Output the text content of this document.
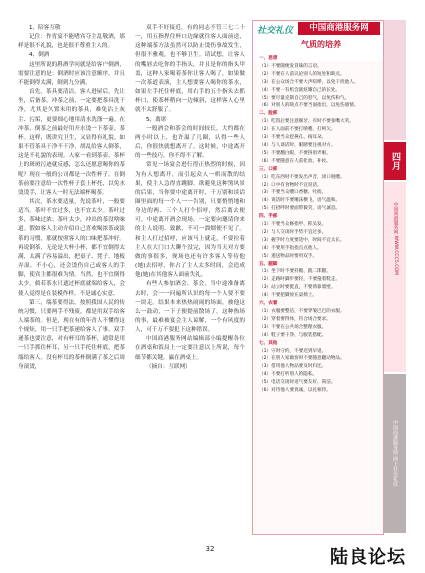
1、陪客互敬

记住：作宵宴不能嗜宾夺主乱敬酒，那样是很不礼貌，也是很不尊重主人的。

4、倒酒

这里所说的斟酒学问就是给客户倒酒，需要注意的是：倒酒时应该注意顺序，并且不能倒得太满，倒到九分满。

首先，茶具要清洁。客人进屋后，先让坐，后备茶，冲茶之前，一定要把茶具洗干净，尤其是久置未用的茶具，难免沾上灰尘、污垢，更要细心地用清水洗涤一遍。在冲茶、倒茶之前最好用开水烫一下茶壶、茶杯。这样，既讲究卫生，又显得有礼貌。如果不管茶具干净不干净，胡乱给客人倒茶，这是不礼貌的表现。人家一看到茶壶、茶杯上的斑斑污迹就反感，怎么还愿意喝你的茶呢？现在一般的公司都是一次性杯子，在倒茶前要注意给一次性杯子套上杯托，以免水烫烫手，让客人一时无法端杯喝茶。

其次，茶水要适量。先说茶叶，一般要适当。茶叶不宜过多，也不宜太少。茶叶过多，茶味过浓；茶叶太少，冲出的茶没啥味道。假如客人主动介绍自己喜欢喝浓茶或淡茶的习惯，那就按照客人的口味把茶冲好。再说倒茶，无论是大杯小杯，都不宜倒得太满，太满了容易溢出，把桌子、凳子、地板弄湿。不小心，还会烫伤自己或客人的手脚，使宾主都很难为情。当然，也不宜倒得太少。倘若茶水只遮过杯底就端给客人，会使人觉得是在装模作样，不是诚心实意。

第三，端茶要得法。按照我国人民的传统习惯，只要两手不残废，都是用双手给客人端茶的。但是，现在有的年青人不懂得这个规矩，用一只手把茶递给客人了事。双手递茶也要注意，对有杯耳的茶杯，通常是用一只手抓住杯耳，另一只手托住杯底，把茶端给客人。没有杯耳的茶杯倒满了茶之后周身滚烫，

双手不好接近，有的同志不管三七二十一，用五指捏住杯口边缘就往客人面前送，这种端茶方法虽然可以防止烫伤事故发生，但很不雅观，也不够卫生。请试想，让客人的嘴唇去吃你的手指头，并且是你的指头甲盖，这种人家喝着茶你让客人喝了，如果做一次茶道表演，主人想要客人喝你的茶水，如果左手托住杯底，用右手的五个指头去抓杯口，使茶杯稍向一边倾斜，这样客人心里就不太舒服了。

5、离席

一般酒会和茶会的时间较长，大约都在两小时以上，也许温了几圈，认得一些人后，你很快就想离开了。这时候，中途离开的一些技巧，你不得不了解。

常见一场宴会进行得正热烈的时候，因为有人想离开，而引起众人一哄而散的结果，使主人急得直跳脚。欲避免这种煞风景的后果，当你要中途离开时，千万别和谈话圈里面的每一个人一一告别，只要悄悄地和身边的两、三个人打个招呼，然后离去便可。中途离开酒会现场，一定要向邀请你来的主人说明、致歉，不可一溜烟便不见了。和主人打过招呼，应该马上就走，不要拉着主人在大门口大聊个没完，因为当天对方要做的事很多，现场也还有许多客人等待他(她)去招呼，你占了主人太多时间，会造成他(她)在其他客人面前失礼。

有些人参加酒会、茶会，当中途准备离去时，会一一问遍所认识的每一个人要不要一块走。结果本来热热闹闹的场面，被他这么一鼓动，一下子便提前散场了。这种热场的事，最难被宴会主人谅解，一个有风度的人，可千万不要犯下这种错误。

中国商港服务网站编辑部小编提醒各位在酒桌和饭局上一定要注意以上所说，每个细节都关键，赢在酒桌上。

（摘自：互联网）

社交礼仪	中国商港服务网
气质的培养
一、思想
（1）不要随便发冒昧的言语。
（2）不要在人前议论别人的短处和缺点。
（3）在公众场合不要大声喧哗，以免干扰他人。
（4）不要一有机会就炫耀自己的长处。
（5）要尽量克制自己的怒气，以免伤和气。
（6）对别人的缺点不要当面指出，以免伤感情。
二、脸部
（1）吃饭后要注意剔牙，有时不要张嘴大笑。
（2）在人面前不要打喷嚏、打呵欠。
（3）不要当众挖鼻孔、掏耳朵。
（4）与人谈话时，眼睛要注视对方。
（5）不要翻白眼，不要挤眉弄眼。
（6）不要随意在人前化妆、补妆。
三、口部
（1）吃东西时不要发出声音，闭口咀嚼。
（2）口中有食物时不宜说话。
（3）不要当众嚼口香糖、吐痰。
（4）说话时不要唾沫横飞，语气温和。
（5）打招呼时要面带微笑，语气诚恳。
四、手部
（1）不要当众修指甲、抓头发。
（2）与人交谈时手势不宜过多。
（3）握手时力度要适中，时间不宜太长。
（4）不要用手指指点点他人。
（5）递送物品时要用双手。
五、腿脚
（1）坐下时不要抖腿、跷二郎腿。
（2）走路时脚步要轻，不要拖着鞋走。
（3）站立时要挺直，不要倚靠墙壁。
（4）不要把脚放在桌椅上。
六、衣着
（1）衣服要整洁，不要穿皱巴巴的衣服。
（2）穿着要得体，符合场合要求。
（3）不要在公共场合整理衣服。
（4）鞋子要干净，与服装搭配。
七、其他
（1）守时守约，不要迟到早退。
（2）在别人家做客时不要随意翻动物品。
（3）借用他人物品要及时归还。
（4）不要打听别人的隐私。
（5）电话交谈时语气要友好、简洁。
（6）对待他人要真诚，以礼相待。
四月
中国商港服务网 WWW.CCC5.COM
中国商港服务网·网上社交礼仪
32	陆良论坛
